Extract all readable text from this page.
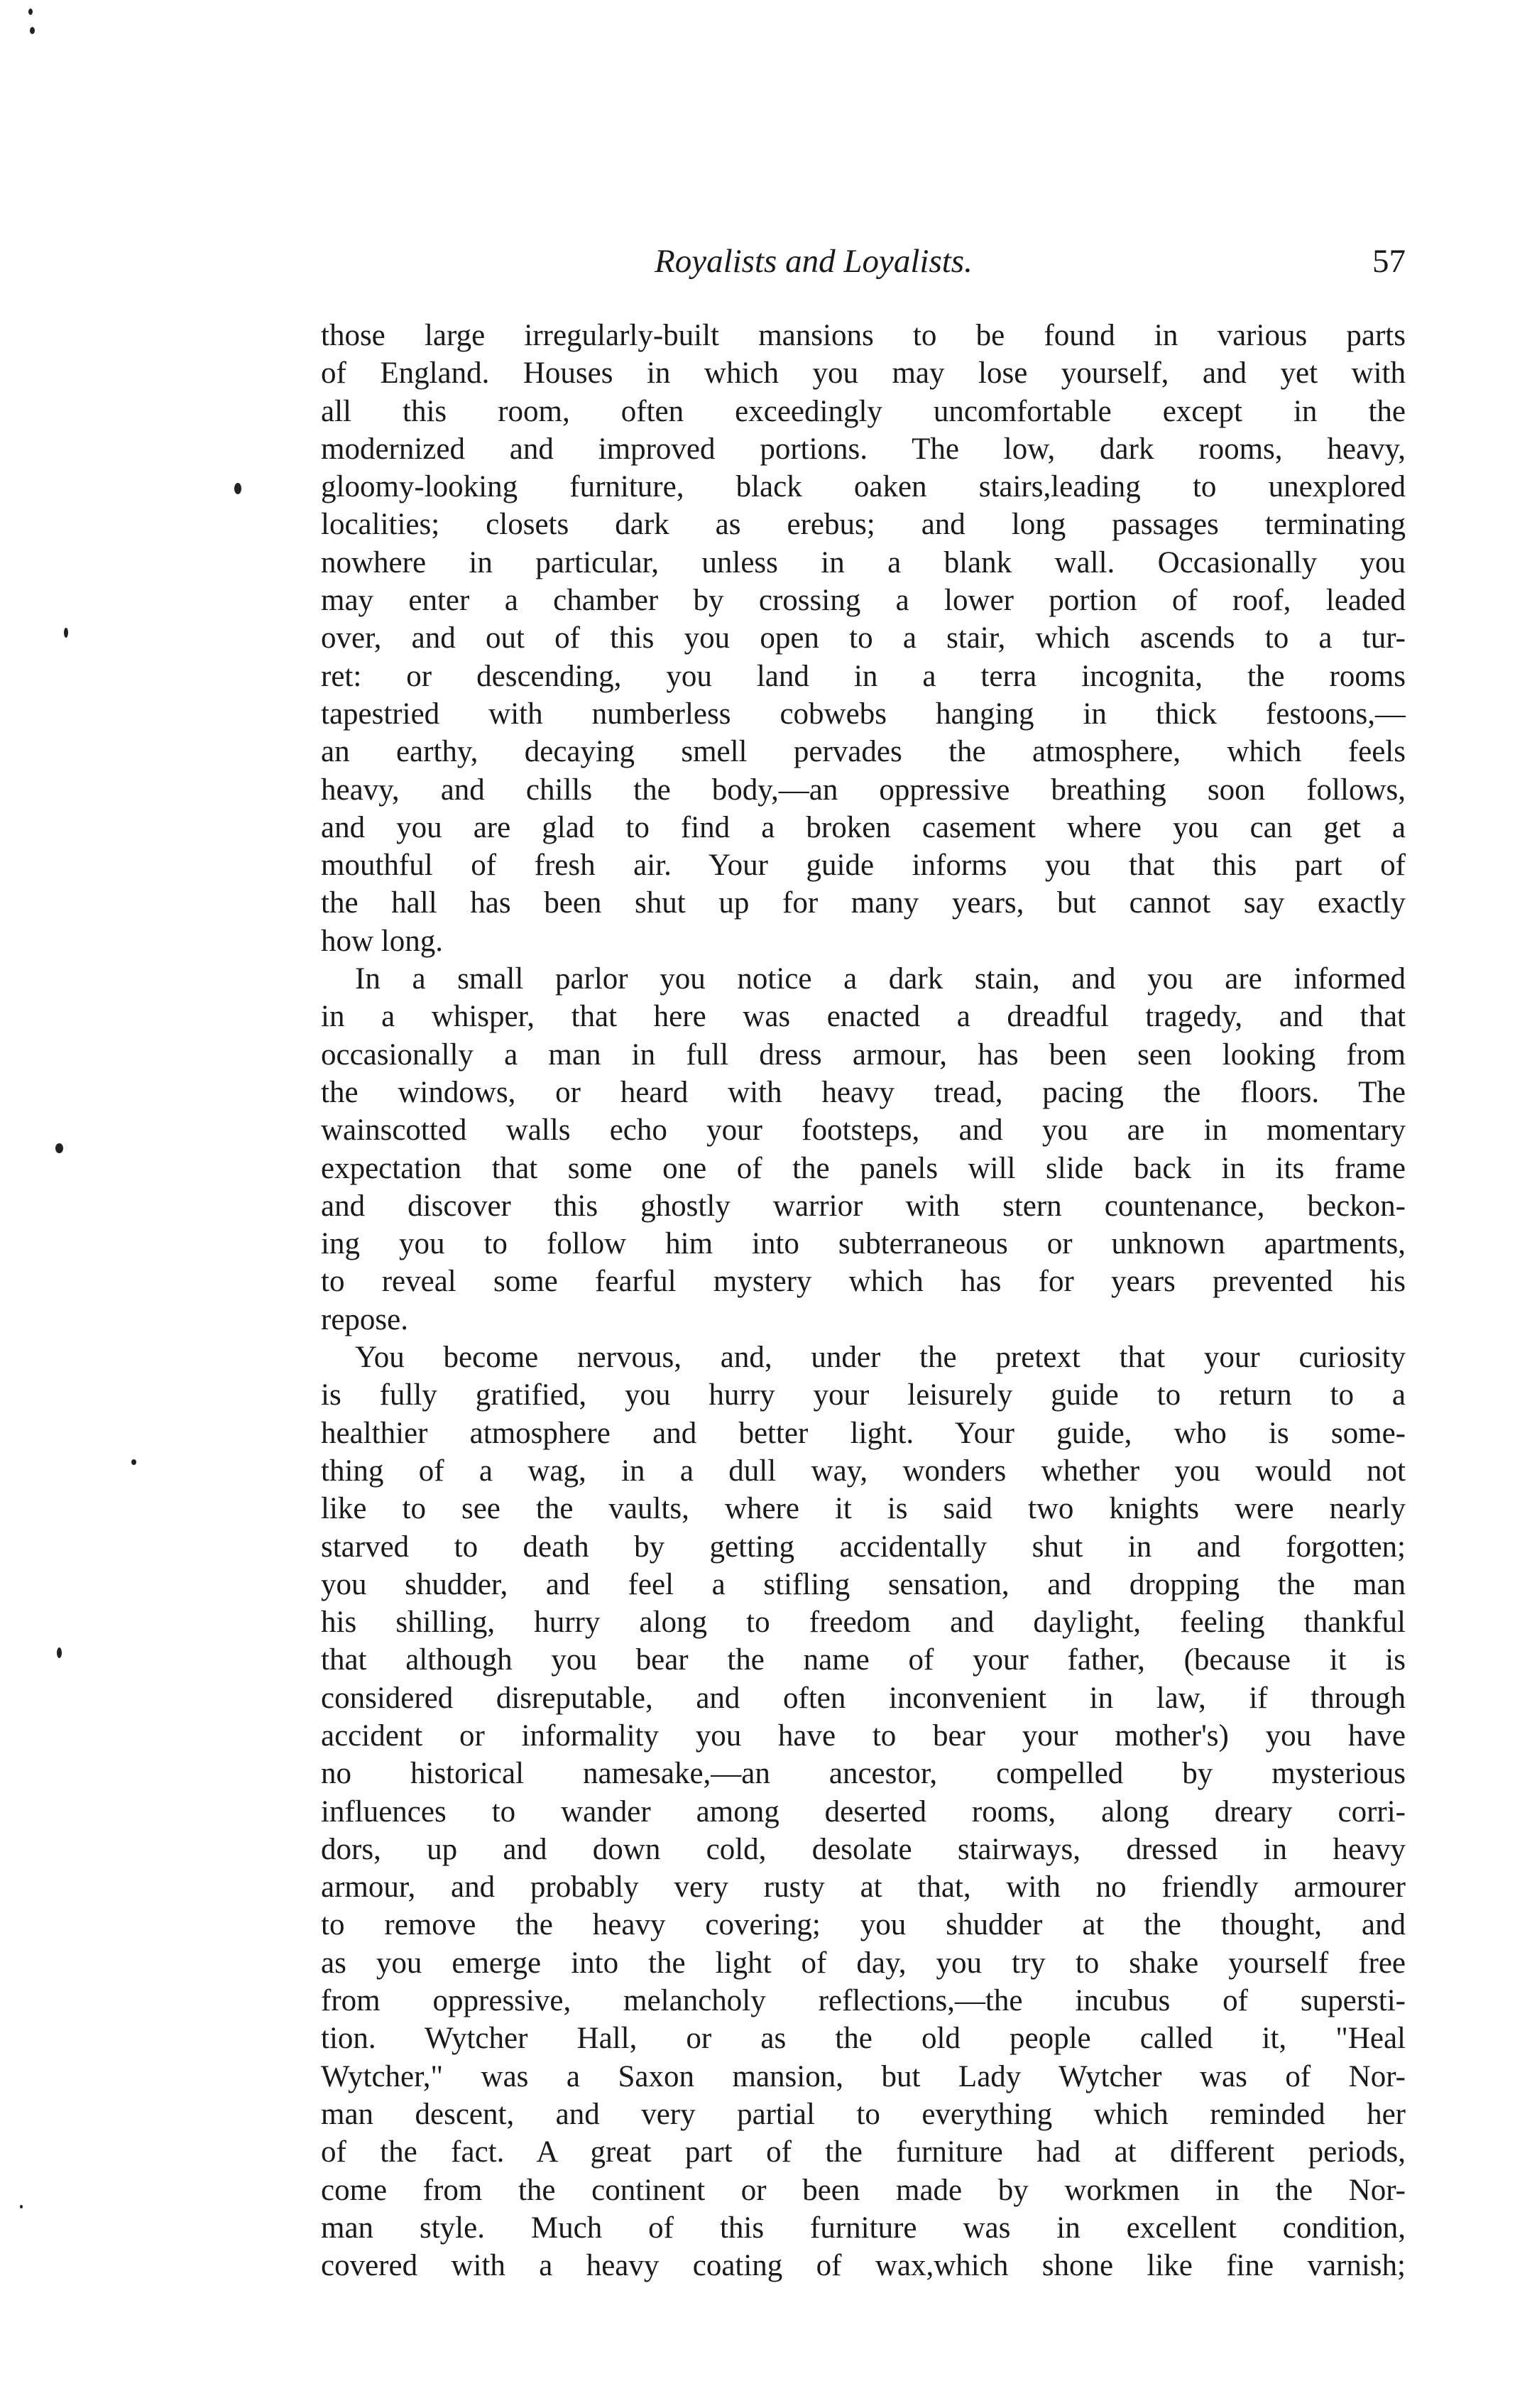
Royalists and Loyalists.	57
those large irregularly-built mansions to be found in various parts
of England. Houses in which you may lose yourself, and yet with
all this room, often exceedingly uncomfortable except in the
modernized and improved portions. The low, dark rooms, heavy,
gloomy-looking furniture, black oaken stairs,leading to unexplored
localities; closets dark as erebus; and long passages terminating
nowhere in particular, unless in a blank wall. Occasionally you
may enter a chamber by crossing a lower portion of roof, leaded
over, and out of this you open to a stair, which ascends to a tur-
ret: or descending, you land in a terra incognita, the rooms
tapestried with numberless cobwebs hanging in thick festoons,—
an earthy, decaying smell pervades the atmosphere, which feels
heavy, and chills the body,—an oppressive breathing soon follows,
and you are glad to find a broken casement where you can get a
mouthful of fresh air. Your guide informs you that this part of
the hall has been shut up for many years, but cannot say exactly
how long.
In a small parlor you notice a dark stain, and you are informed
in a whisper, that here was enacted a dreadful tragedy, and that
occasionally a man in full dress armour, has been seen looking from
the windows, or heard with heavy tread, pacing the floors. The
wainscotted walls echo your footsteps, and you are in momentary
expectation that some one of the panels will slide back in its frame
and discover this ghostly warrior with stern countenance, beckon-
ing you to follow him into subterraneous or unknown apartments,
to reveal some fearful mystery which has for years prevented his
repose.
You become nervous, and, under the pretext that your curiosity
is fully gratified, you hurry your leisurely guide to return to a
healthier atmosphere and better light. Your guide, who is some-
thing of a wag, in a dull way, wonders whether you would not
like to see the vaults, where it is said two knights were nearly
starved to death by getting accidentally shut in and forgotten;
you shudder, and feel a stifling sensation, and dropping the man
his shilling, hurry along to freedom and daylight, feeling thankful
that although you bear the name of your father, (because it is
considered disreputable, and often inconvenient in law, if through
accident or informality you have to bear your mother's) you have
no historical namesake,—an ancestor, compelled by mysterious
influences to wander among deserted rooms, along dreary corri-
dors, up and down cold, desolate stairways, dressed in heavy
armour, and probably very rusty at that, with no friendly armourer
to remove the heavy covering; you shudder at the thought, and
as you emerge into the light of day, you try to shake yourself free
from oppressive, melancholy reflections,—the incubus of supersti-
tion. Wytcher Hall, or as the old people called it, "Heal
Wytcher," was a Saxon mansion, but Lady Wytcher was of Nor-
man descent, and very partial to everything which reminded her
of the fact. A great part of the furniture had at different periods,
come from the continent or been made by workmen in the Nor-
man style. Much of this furniture was in excellent condition,
covered with a heavy coating of wax,which shone like fine varnish;
